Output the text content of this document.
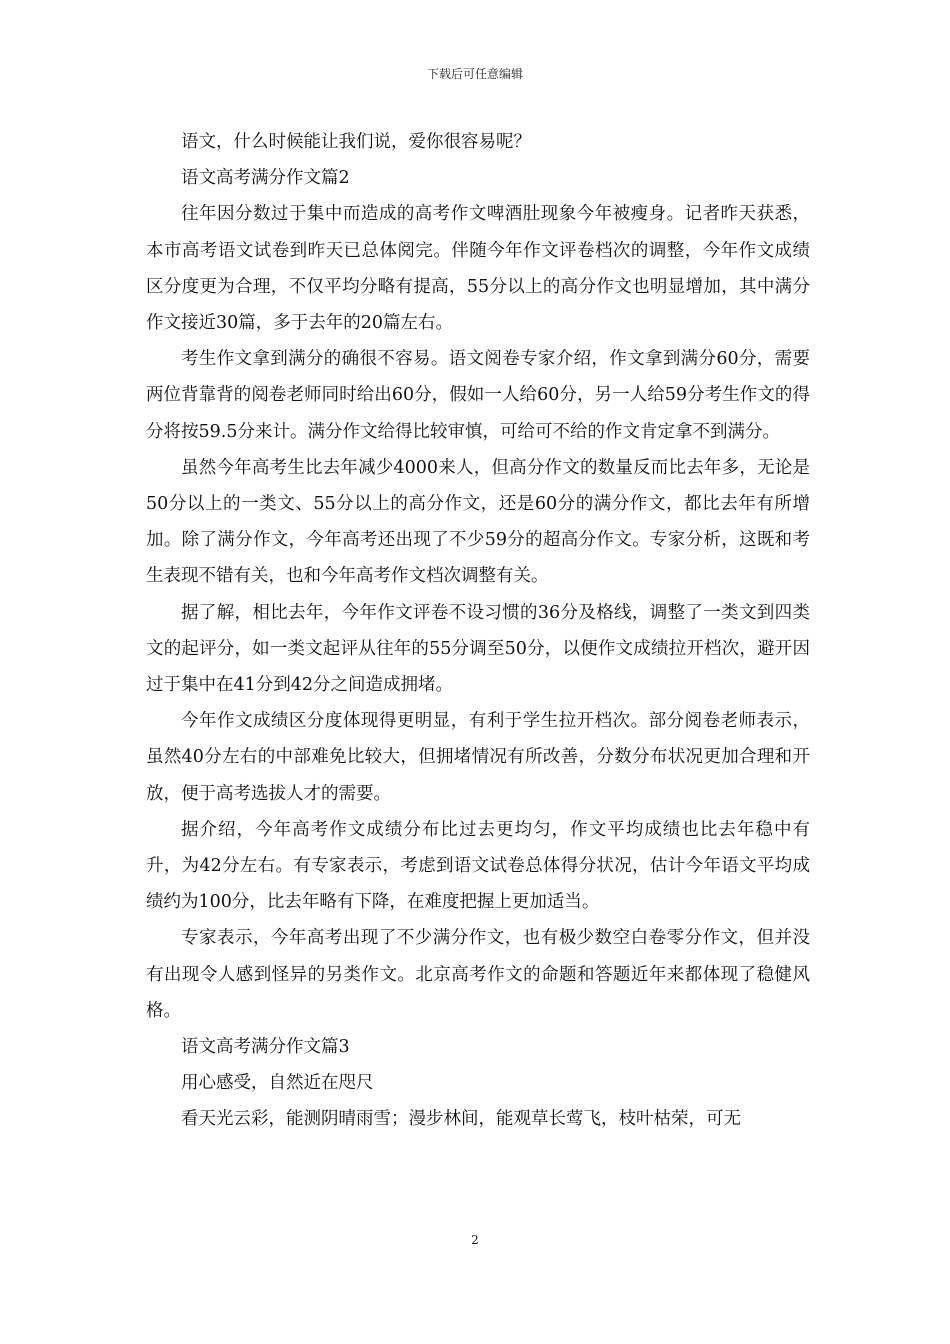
下载后可任意编辑

语文，什么时候能让我们说，爱你很容易呢？

语文高考满分作文篇2

往年因分数过于集中而造成的高考作文啤酒肚现象今年被瘦身。记者昨天获悉，本市高考语文试卷到昨天已总体阅完。伴随今年作文评卷档次的调整，今年作文成绩区分度更为合理，不仅平均分略有提高，55分以上的高分作文也明显增加，其中满分作文接近30篇，多于去年的20篇左右。

考生作文拿到满分的确很不容易。语文阅卷专家介绍，作文拿到满分60分，需要两位背靠背的阅卷老师同时给出60分，假如一人给60分，另一人给59分考生作文的得分将按59.5分来计。满分作文给得比较审慎，可给可不给的作文肯定拿不到满分。

虽然今年高考生比去年减少4000来人，但高分作文的数量反而比去年多，无论是50分以上的一类文、55分以上的高分作文，还是60分的满分作文，都比去年有所增加。除了满分作文，今年高考还出现了不少59分的超高分作文。专家分析，这既和考生表现不错有关，也和今年高考作文档次调整有关。

据了解，相比去年，今年作文评卷不设习惯的36分及格线，调整了一类文到四类文的起评分，如一类文起评从往年的55分调至50分，以便作文成绩拉开档次，避开因过于集中在41分到42分之间造成拥堵。

今年作文成绩区分度体现得更明显，有利于学生拉开档次。部分阅卷老师表示，虽然40分左右的中部难免比较大，但拥堵情况有所改善，分数分布状况更加合理和开放，便于高考选拔人才的需要。

据介绍，今年高考作文成绩分布比过去更均匀，作文平均成绩也比去年稳中有升，为42分左右。有专家表示，考虑到语文试卷总体得分状况，估计今年语文平均成绩约为100分，比去年略有下降，在难度把握上更加适当。

专家表示，今年高考出现了不少满分作文，也有极少数空白卷零分作文，但并没有出现令人感到怪异的另类作文。北京高考作文的命题和答题近年来都体现了稳健风格。

语文高考满分作文篇3

用心感受，自然近在咫尺

看天光云彩，能测阴晴雨雪；漫步林间，能观草长莺飞，枝叶枯荣，可无

2
